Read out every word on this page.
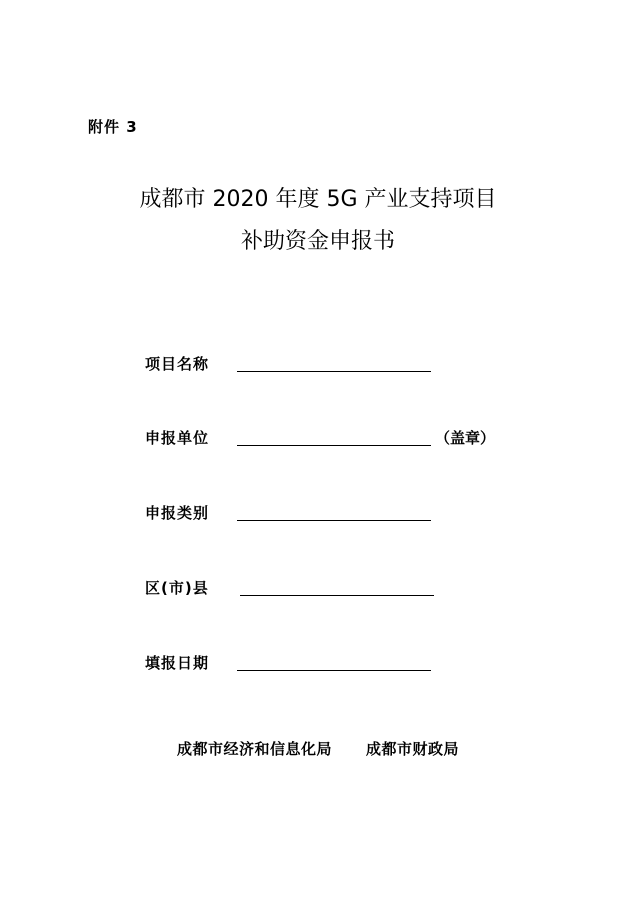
附件 3
成都市 2020 年度 5G 产业支持项目
补助资金申报书
项目名称
申报单位	（盖章）
申报类别
区(市)县
填报日期
成都市经济和信息化局 成都市财政局
